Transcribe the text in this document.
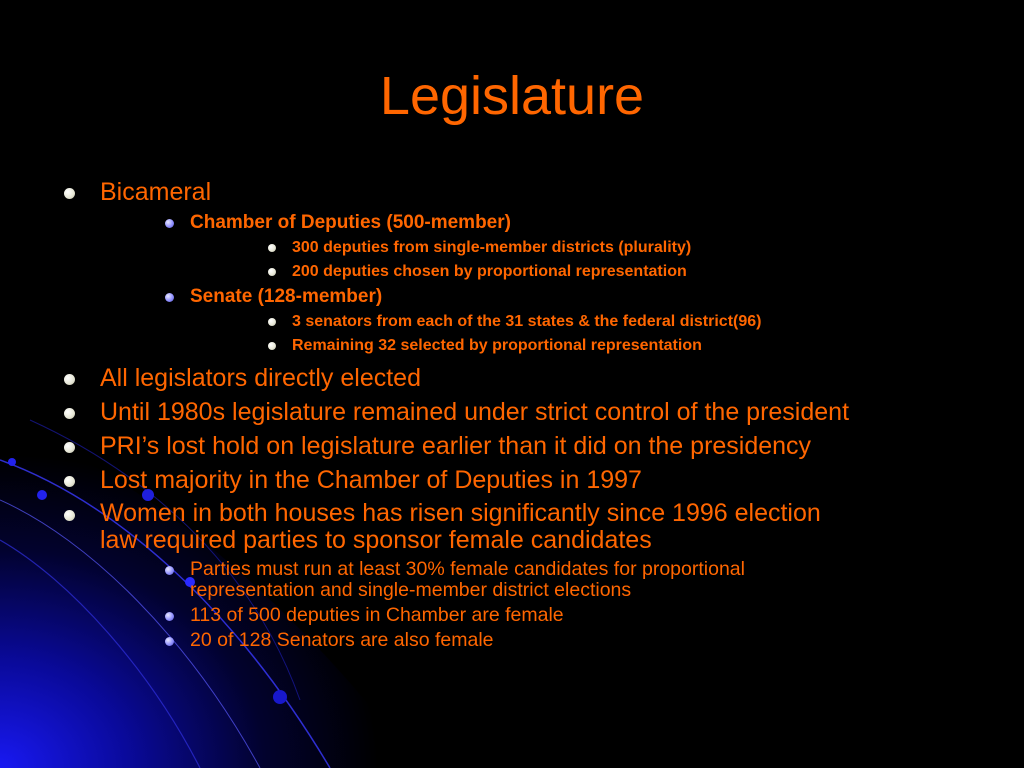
Legislature
Bicameral
Chamber of Deputies (500-member)
300 deputies from single-member districts (plurality)
200 deputies chosen by proportional representation
Senate (128-member)
3 senators from each of the 31 states & the federal district(96)
Remaining 32 selected by proportional representation
All legislators directly elected
Until 1980s legislature remained under strict control of the president
PRI’s lost hold on legislature earlier than it did on the presidency
Lost majority in the Chamber of Deputies in 1997
Women in both houses has risen significantly since 1996 election
law required parties to sponsor female candidates
Parties must run at least 30% female candidates for proportional
representation and single-member district elections
113 of 500 deputies in Chamber are female
20 of 128 Senators are also female
